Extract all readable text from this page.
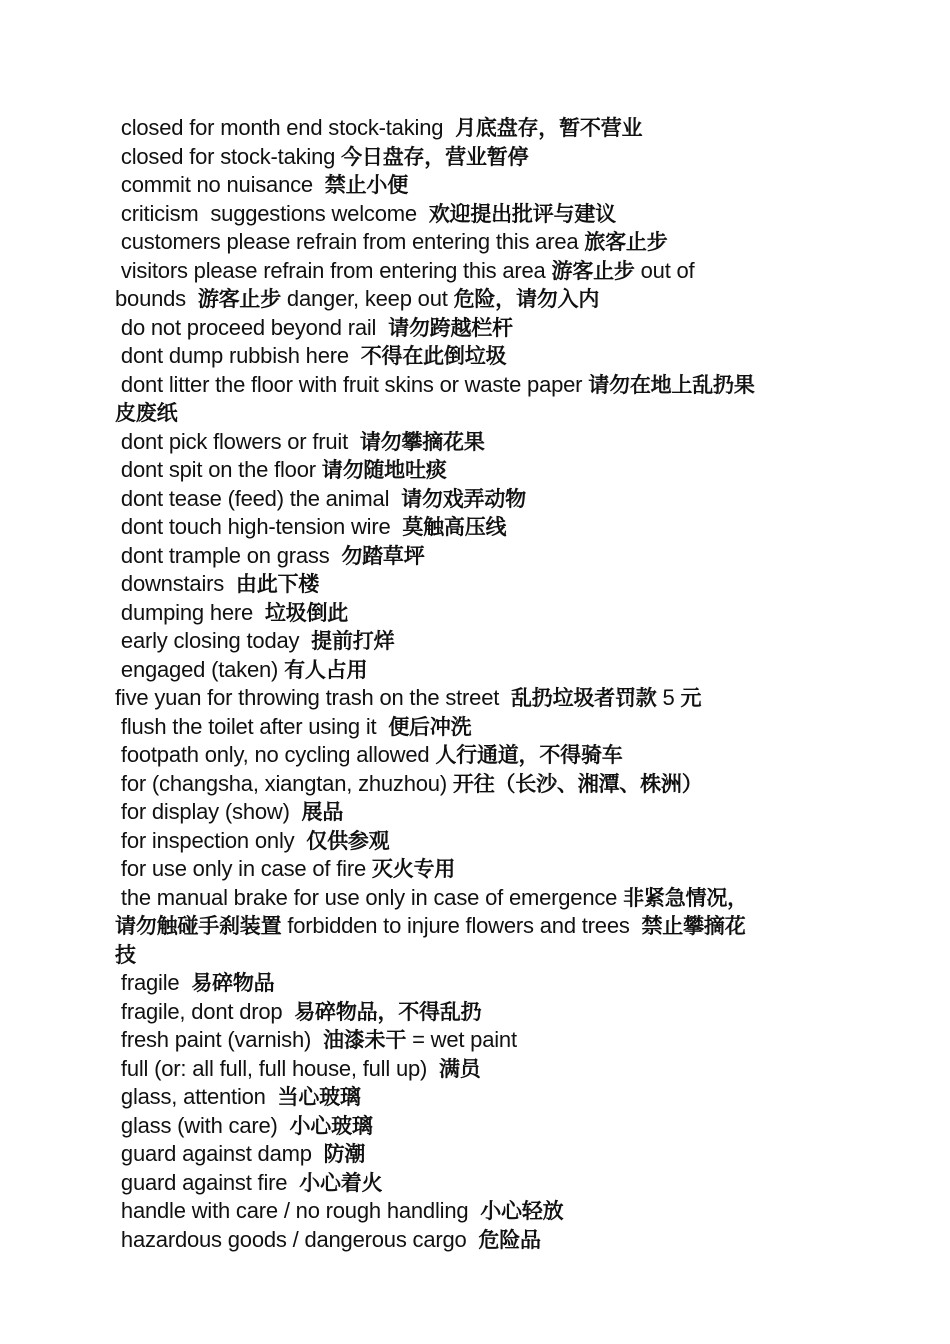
closed for month end stock-taking  月底盘存，暂不营业
closed for stock-taking 今日盘存，营业暂停
commit no nuisance  禁止小便
criticism  suggestions welcome  欢迎提出批评与建议
customers please refrain from entering this area 旅客止步
visitors please refrain from entering this area 游客止步 out of
bounds  游客止步 danger, keep out 危险，请勿入内
do not proceed beyond rail  请勿跨越栏杆
dont dump rubbish here  不得在此倒垃圾
dont litter the floor with fruit skins or waste paper 请勿在地上乱扔果
皮废纸
dont pick flowers or fruit  请勿攀摘花果
dont spit on the floor 请勿随地吐痰
dont tease (feed) the animal  请勿戏弄动物
dont touch high-tension wire  莫触高压线
dont trample on grass  勿踏草坪
downstairs  由此下楼
dumping here  垃圾倒此
early closing today  提前打烊
engaged (taken) 有人占用
five yuan for throwing trash on the street  乱扔垃圾者罚款 5 元
flush the toilet after using it  便后冲洗
footpath only, no cycling allowed 人行通道，不得骑车
for (changsha, xiangtan, zhuzhou) 开往（长沙、湘潭、株洲）
for display (show)  展品
for inspection only  仅供参观
for use only in case of fire 灭火专用
the manual brake for use only in case of emergence 非紧急情况，
请勿触碰手刹装置 forbidden to injure flowers and trees  禁止攀摘花
技
fragile  易碎物品
fragile, dont drop  易碎物品，不得乱扔
fresh paint (varnish)  油漆未干 = wet paint
full (or: all full, full house, full up)  满员
glass, attention  当心玻璃
glass (with care)  小心玻璃
guard against damp  防潮
guard against fire  小心着火
handle with care / no rough handling  小心轻放
hazardous goods / dangerous cargo  危险品
